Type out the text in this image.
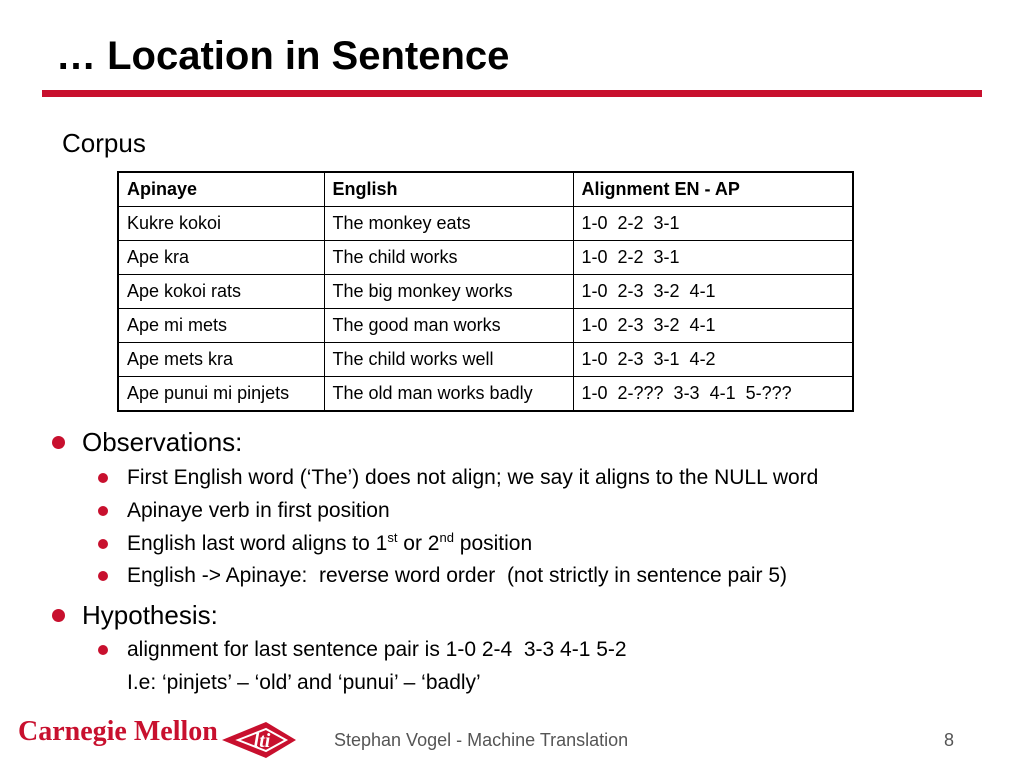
… Location in Sentence
Corpus
Apinaye	English	Alignment EN - AP
Kukre kokoi	The monkey eats	1-0  2-2  3-1
Ape kra	The child works	1-0  2-2  3-1
Ape kokoi rats	The big monkey works	1-0  2-3  3-2  4-1
Ape mi mets	The good man works	1-0  2-3  3-2  4-1
Ape mets kra	The child works well	1-0  2-3  3-1  4-2
Ape punui mi pinjets	The old man works badly	1-0  2-???  3-3  4-1  5-???
Observations:
First English word (‘The’) does not align; we say it aligns to the NULL word
Apinaye verb in first position
English last word aligns to 1st or 2nd position
English -> Apinaye:  reverse word order  (not strictly in sentence pair 5)
Hypothesis:
alignment for last sentence pair is 1-0 2-4  3-3 4-1 5-2
I.e: ‘pinjets’ – ‘old’ and ‘punui’ – ‘badly’
Carnegie Mellon lti	Stephan Vogel - Machine Translation	8
